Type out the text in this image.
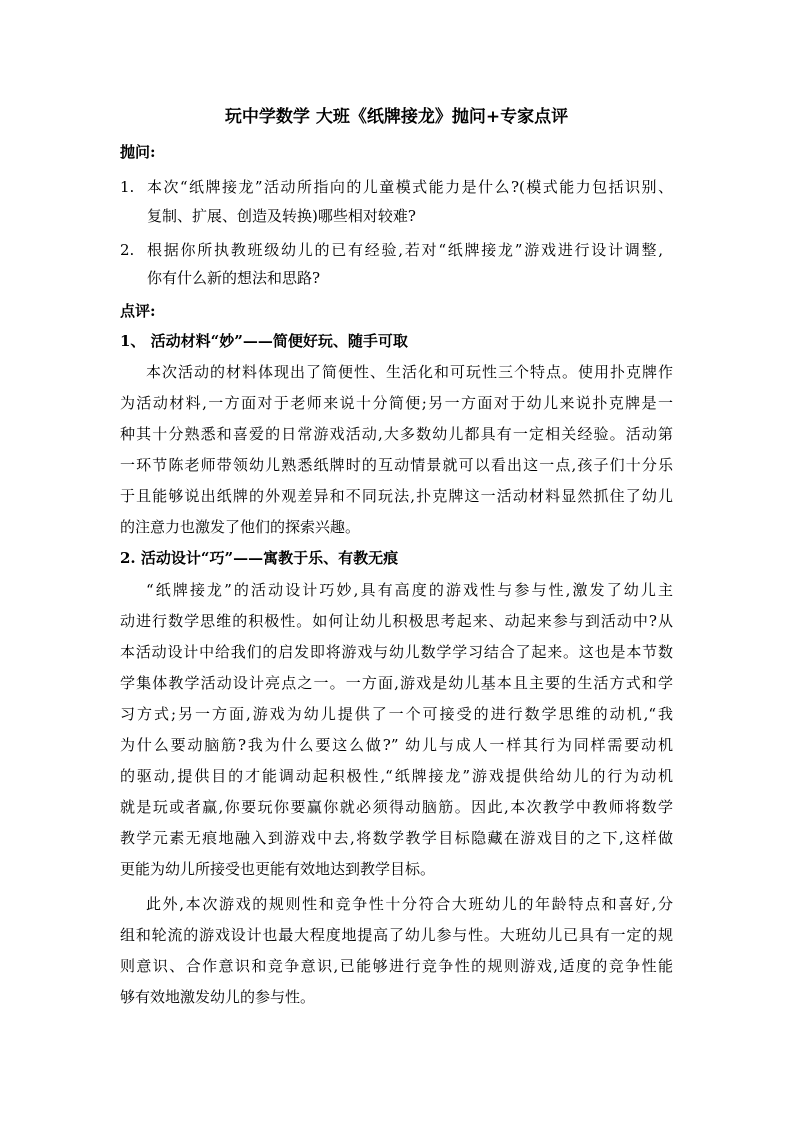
玩中学数学 大班《纸牌接龙》抛问+专家点评
抛问:
1. 本次“纸牌接龙”活动所指向的儿童模式能力是什么?(模式能力包括识别、
复制、扩展、创造及转换)哪些相对较难?
2. 根据你所执教班级幼儿的已有经验,若对“纸牌接龙”游戏进行设计调整,
你有什么新的想法和思路?
点评:
1、 活动材料“妙”——简便好玩、随手可取
本次活动的材料体现出了简便性、生活化和可玩性三个特点。使用扑克牌作
为活动材料,一方面对于老师来说十分简便;另一方面对于幼儿来说扑克牌是一
种其十分熟悉和喜爱的日常游戏活动,大多数幼儿都具有一定相关经验。活动第
一环节陈老师带领幼儿熟悉纸牌时的互动情景就可以看出这一点,孩子们十分乐
于且能够说出纸牌的外观差异和不同玩法,扑克牌这一活动材料显然抓住了幼儿
的注意力也激发了他们的探索兴趣。
2. 活动设计“巧”——寓教于乐、有教无痕
“纸牌接龙”的活动设计巧妙,具有高度的游戏性与参与性,激发了幼儿主
动进行数学思维的积极性。如何让幼儿积极思考起来、动起来参与到活动中?从
本活动设计中给我们的启发即将游戏与幼儿数学学习结合了起来。这也是本节数
学集体教学活动设计亮点之一。一方面,游戏是幼儿基本且主要的生活方式和学
习方式;另一方面,游戏为幼儿提供了一个可接受的进行数学思维的动机,“我
为什么要动脑筋?我为什么要这么做?” 幼儿与成人一样其行为同样需要动机
的驱动,提供目的才能调动起积极性,“纸牌接龙”游戏提供给幼儿的行为动机
就是玩或者赢,你要玩你要赢你就必须得动脑筋。因此,本次教学中教师将数学
教学元素无痕地融入到游戏中去,将数学教学目标隐藏在游戏目的之下,这样做
更能为幼儿所接受也更能有效地达到教学目标。
此外,本次游戏的规则性和竞争性十分符合大班幼儿的年龄特点和喜好,分
组和轮流的游戏设计也最大程度地提高了幼儿参与性。大班幼儿已具有一定的规
则意识、合作意识和竞争意识,已能够进行竞争性的规则游戏,适度的竞争性能
够有效地激发幼儿的参与性。
